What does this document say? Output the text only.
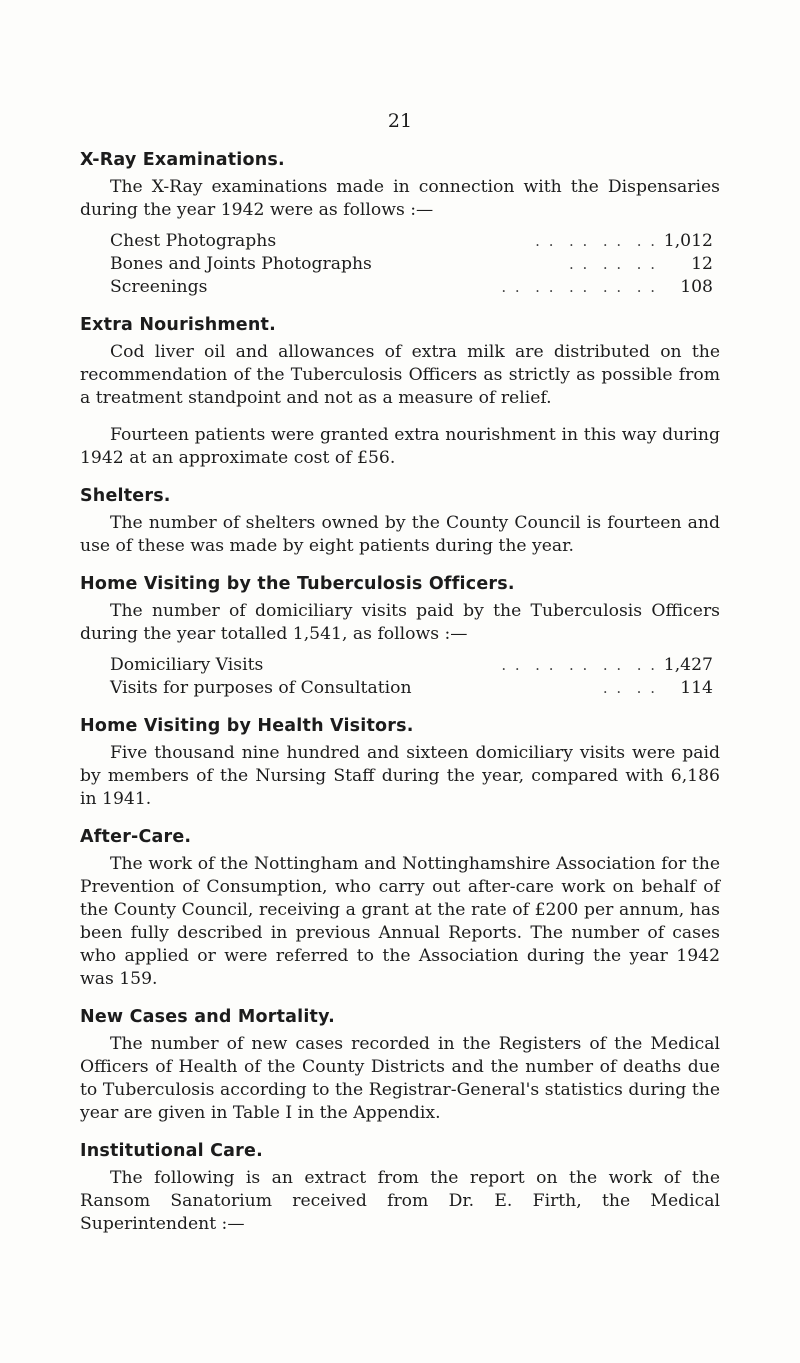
21
X-Ray Examinations.

The X-Ray examinations made in connection with the Dispensaries during the year 1942 were as follows :—

Chest Photographs	. .  . .  . .  . . 1,012
Bones and Joints Photographs	. .  . .  . .	12
Screenings	. .  . .  . .  . .  . .	108
Extra Nourishment.

Cod liver oil and allowances of extra milk are distributed on the recommendation of the Tuberculosis Officers as strictly as possible from a treatment standpoint and not as a measure of relief.

Fourteen patients were granted extra nourishment in this way during 1942 at an approximate cost of £56.

Shelters.

The number of shelters owned by the County Council is fourteen and use of these was made by eight patients during the year.

Home Visiting by the Tuberculosis Officers.

The number of domiciliary visits paid by the Tuberculosis Officers during the year totalled 1,541, as follows :—

Domiciliary Visits	. .  . .  . .  . .  . . 1,427
Visits for purposes of Consultation	. .  . .	114
Home Visiting by Health Visitors.

Five thousand nine hundred and sixteen domiciliary visits were paid by members of the Nursing Staff during the year, compared with 6,186 in 1941.

After-Care.

The work of the Nottingham and Nottinghamshire Association for the Prevention of Consumption, who carry out after-care work on behalf of the County Council, receiving a grant at the rate of £200 per annum, has been fully described in previous Annual Reports. The number of cases who applied or were referred to the Association during the year 1942 was 159.

New Cases and Mortality.

The number of new cases recorded in the Registers of the Medical Officers of Health of the County Districts and the number of deaths due to Tuberculosis according to the Registrar-General's statistics during the year are given in Table I in the Appendix.

Institutional Care.

The following is an extract from the report on the work of the Ransom Sanatorium received from Dr. E. Firth, the Medical Superintendent :—
